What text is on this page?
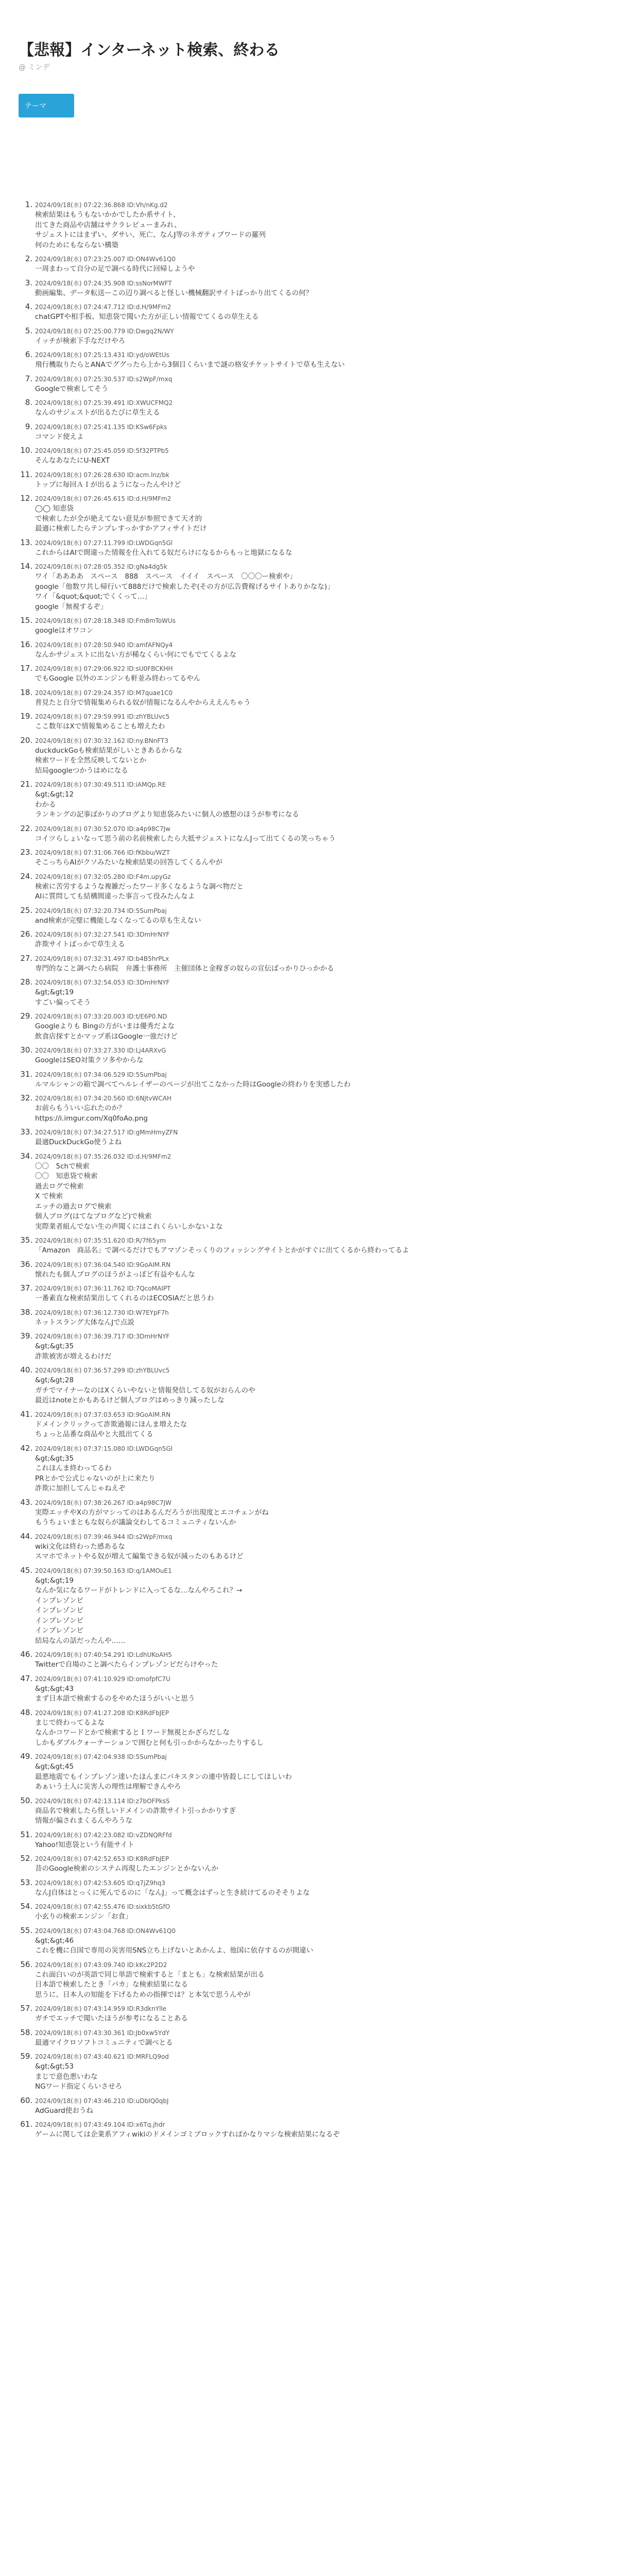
【悲報】インターネット検索、終わる
@ ミンデ
テーマ
1. 2024/09/18(水) 07:22:36.868 ID:Vh/nKg.d2
検索結果はもうもないかかでしたか系サイト、
出てきた商品や店舗はサクラレビューまみれ、
サジェストにはまずい、ダサい、死亡、なんJ等のネガティブワードの羅列
何のためにもならない構築
2. 2024/09/18(水) 07:23:25.007 ID:ON4Wv61Q0
一周まわって自分の足で調べる時代に回帰しようや
3. 2024/09/18(水) 07:24:35.908 ID:ssNorMWFT
動画編集、データ転送ーこの辺り調べると怪しい機械翻訳サイトばっかり出てくるの何？
4. 2024/09/18(水) 07:24:47.712 ID:d.H/9MFm2
chatGPTや相手板、知恵袋で聞いた方が正しい情報でてくるの草生える
5. 2024/09/18(水) 07:25:00.779 ID:Dwgq2N/WY
イッチが検索下手なだけやろ
6. 2024/09/18(水) 07:25:13.431 ID:yd/oWEtUs
飛行機取りたらとANAでググったら上から3個目くらいまで謎の格安チケットサイトで草も生えない
7. 2024/09/18(水) 07:25:30.537 ID:s2WpF/mxq
Googleで検索してそう
8. 2024/09/18(水) 07:25:39.491 ID:XWUCFMQ2
なんのサジェストが出るたびに草生える
9. 2024/09/18(水) 07:25:41.135 ID:KSw6Fpks
コマンド使えよ
10. 2024/09/18(水) 07:25:45.059 ID:5f32PTPb5
そんなあなたにU-NEXT
11. 2024/09/18(水) 07:26:28.630 ID:acm.lnz/bk
トップに毎回ＡＩが出るようになったんやけど
12. 2024/09/18(水) 07:26:45.615 ID:d.H/9MFm2
◯◯ 知恵袋
で検索したが全が絶えてない意見が参照できて天才的
最適に検索したらテンプレすっかすかアフィサイトだけ
13. 2024/09/18(水) 07:27:11.799 ID:LWDGqn5Gl
これからはAIで間違った情報を仕入れてる奴だらけになるからもっと地獄になるな
14. 2024/09/18(水) 07:28:05.352 ID:gNa4dg5k
ワイ「ああああ　スペース　888　スペース　イイイ　スペース　〇〇〇ー検索や」
google「他数ワ共し帰行いて888だけで検索したぞ(その方が広告費稼げるサイトありかなな)」
ワイ「&quot;&quot;でくくって…」
google「無視するぞ」
15. 2024/09/18(水) 07:28:18.348 ID:Fm8mToWUs
googleはオワコン
16. 2024/09/18(水) 07:28:50.940 ID:amfAFNQy4
なんかサジェストに出ない方が稀なくらい何にでもでてくるよな
17. 2024/09/18(水) 07:29:06.922 ID:sU0FBCKHH
でもGoogle 以外のエンジンも軒並み終わってるやん
18. 2024/09/18(水) 07:29:24.357 ID:M7quae1C0
普見たと自分で情報集められる奴が情報になるんやからええんちゃう
19. 2024/09/18(水) 07:29:59.991 ID:zhYBLUvc5
ここ数年はXで情報集めることも増えたわ
20. 2024/09/18(水) 07:30:32.162 ID:ny.BNnFT3
duckduckGoも検索結果がしいときあるからな
検索ワードを全然反映してないとか
結局googleつかうはめになる
21. 2024/09/18(水) 07:30:49.511 ID:iAMQp.RE
&gt;&gt;12
わかる
ランキングの記事ばかりのブログより知恵袋みたいに個人の感想のほうが参考になる
22. 2024/09/18(水) 07:30:52.070 ID:a4p98C7Jw
コイツらしょいなって思う前の名前検索したら大抵サジェストになんJって出てくるの笑っちゃう
23. 2024/09/18(水) 07:31:06.766 ID:fKbbu/WZT
そこっちらAIがクソみたいな検索結果の回答してくるんやが
24. 2024/09/18(水) 07:32:05.280 ID:F4m.upyGz
検索に苦労するような複雑だったワード多くなるような調べ物だと
AIに質問しても結構間違った事言って役みたんなよ
25. 2024/09/18(水) 07:32:20.734 ID:5SumPbaj
and検索が完璧に機能しなくなってるの草も生えない
26. 2024/09/18(水) 07:32:27.541 ID:3DmHrNYF
詐欺サイトばっかで草生える
27. 2024/09/18(水) 07:32:31.497 ID:b4B5hrPLx
専門的なこと調べたら病院　弁護士事務所　主催団体と金稼ぎの奴らの宣伝ばっかりひっかかる
28. 2024/09/18(水) 07:32:54.053 ID:3DmHrNYF
&gt;&gt;19
すごい偏ってそう
29. 2024/09/18(水) 07:33:20.003 ID:t/E6P0.ND
Googleよりも Bingの方がいまは優秀だよな
飲食店探すとかマップ系はGoogle一強だけど
30. 2024/09/18(水) 07:33:27.330 ID:Lj4ARXvG
GoogleはSEO対策クソ多やからな
31. 2024/09/18(水) 07:34:06.529 ID:5SumPbaj
ルマルシャンの箱で調べてヘルレイザーのページが出てこなかった時はGoogleの終わりを実感したわ
32. 2024/09/18(水) 07:34:20.560 ID:6NJtvWCAH
お前らもういい忘れたのか？
https://i.imgur.com/Xq0foAo.png
33. 2024/09/18(水) 07:34:27.517 ID:gMmHmyZFN
最適DuckDuckGo使うよね
34. 2024/09/18(水) 07:35:26.032 ID:d.H/9MFm2
〇〇　5chで検索
〇〇　知恵袋で検索
過去ログで検索
X で検索
エッチの過去ログで検索
個人ブログ(はてなブログなど)で検索
実際業者組んでない生の声聞くにはこれくらいしかないよな
35. 2024/09/18(水) 07:35:51.620 ID:R/7f65ym
「Amazon　商品名」で調べるだけでもアマゾンそっくりのフィッシングサイトとかがすぐに出てくるから終わってるよ
36. 2024/09/18(水) 07:36:04.540 ID:9GoAIM.RN
懐れたも個人ブログのほうがよっぽど有益やもんな
37. 2024/09/18(水) 07:36:11.762 ID:7QcoMAIPT
一番素直な検索結果出してくれるのはECOSIAだと思うわ
38. 2024/09/18(水) 07:36:12.730 ID:W7EYpF7h
ネットスラング大体なんJで点説
39. 2024/09/18(水) 07:36:39.717 ID:3DmHrNYF
&gt;&gt;35
詐欺被害が増えるわけだ
40. 2024/09/18(水) 07:36:57.299 ID:zhYBLUvc5
&gt;&gt;28
ガチでマイナーなのはXくらいやないと情報発信してる奴がおらんのや
最近はnoteとかもあるけど個人ブログはめっきり減ったしな
41. 2024/09/18(水) 07:37:03.653 ID:9GoAIM.RN
ドメインクリックって詐欺過報にほんま増えたな
ちょっと品番な商品やと大抵出てくる
42. 2024/09/18(水) 07:37:15.080 ID:LWDGqn5Gl
&gt;&gt;35
これほんま終わってるわ
PRとかで公式じゃないのが上に来たり
詐欺に加担してんじゃねえぞ
43. 2024/09/18(水) 07:38:26.267 ID:a4p98C7JW
実際エッチやXの方がマシってのはあるんだろうが出現度とエコチェンがね
もうちょいまともな奴らが議論交わしてるコミュニティないんか
44. 2024/09/18(水) 07:39:46.944 ID:s2WpF/mxq
wiki文化は終わった感あるな
スマホでネットやる奴が増えて編集できる奴が減ったのもあるけど
45. 2024/09/18(水) 07:39:50.163 ID:q/1AMOuE1
&gt;&gt;19
なんか気になるワードがトレンドに入ってるな…なんやろこれ？→
インプレゾンビ
インプレゾンビ
インプレゾンビ
インプレゾンビ
結局なんの話だったんや……
46. 2024/09/18(水) 07:40:54.291 ID:LdhUKoAH5
Twitterで自場のこと調べたらインプレゾンビだらけやった
47. 2024/09/18(水) 07:41:10.929 ID:omofpfC7U
&gt;&gt;43
まず日本語で検索するのをやめたほうがいいと思う
48. 2024/09/18(水) 07:41:27.208 ID:K8RdFbJEP
まじで終わってるよな
なんかコワードとかで検索するとＩワード無視とかざらだしな
しかもダブルクォーテーションで囲むと何も引っかからなかったりするし
49. 2024/09/18(水) 07:42:04.938 ID:5SumPbaj
&gt;&gt;45
最悪地震でもインプレゾン達いたほんまにパキスタンの連中皆殺しにしてほしいわ
あぁいう土人に災害人の理性は理解できんやろ
50. 2024/09/18(水) 07:42:13.114 ID:z7bOFPksS
商品名で検索したら怪しいドメインの詐欺サイト引っかかりすぎ
情報が偏されまくるんやろうな
51. 2024/09/18(水) 07:42:23.082 ID:vZDNQRFfd
Yahoo!知恵袋という有能サイト
52. 2024/09/18(水) 07:42:52.653 ID:K8RdFbJEP
昔のGoogle検索のシステム再現したエンジンとかないんか
53. 2024/09/18(水) 07:42:53.605 ID:q7jZ9hq3
なんJ自体はとっくに死んでるのに「なんJ」って概念はずっと生き続けてるのそそりよな
54. 2024/09/18(水) 07:42:55.476 ID:sixkb5tGfO
小玄りの検索エンジン「お食」
55. 2024/09/18(水) 07:43:04.768 ID:ON4Wv61Q0
&gt;&gt;46
これを機に自国で専用の災害用SNS立ち上げないとあかんよ、他国に依存するのが間違い
56. 2024/09/18(水) 07:43:09.740 ID:kKc2P2D2
これ面白いのが英語で同じ単語で検索すると「まとも」な検索結果が出る
日本語で検索したとき「バカ」な検索結果になる
思うに、日本人の知能を下げるための指揮では？と本気で思うんやが
57. 2024/09/18(水) 07:43:14.959 ID:R3dknYlle
ガチでエッチで聞いたほうが参考になることある
58. 2024/09/18(水) 07:43:30.361 ID:Jb0xw5YdY
最適マイクロソフトコミュニティで調べとる
59. 2024/09/18(水) 07:43:40.621 ID:MRFLQ9od
&gt;&gt;53
まじで意色悪いわな
NGワード指定くらいさせろ
60. 2024/09/18(水) 07:43:46.210 ID:uDbIQ0qbJ
AdGuard使おうね
61. 2024/09/18(水) 07:43:49.104 ID:x6Tq.jhdr
ゲームに関しては企業系アフィwikiのドメインゴミブロックすればかなりマシな検索結果になるぞ
